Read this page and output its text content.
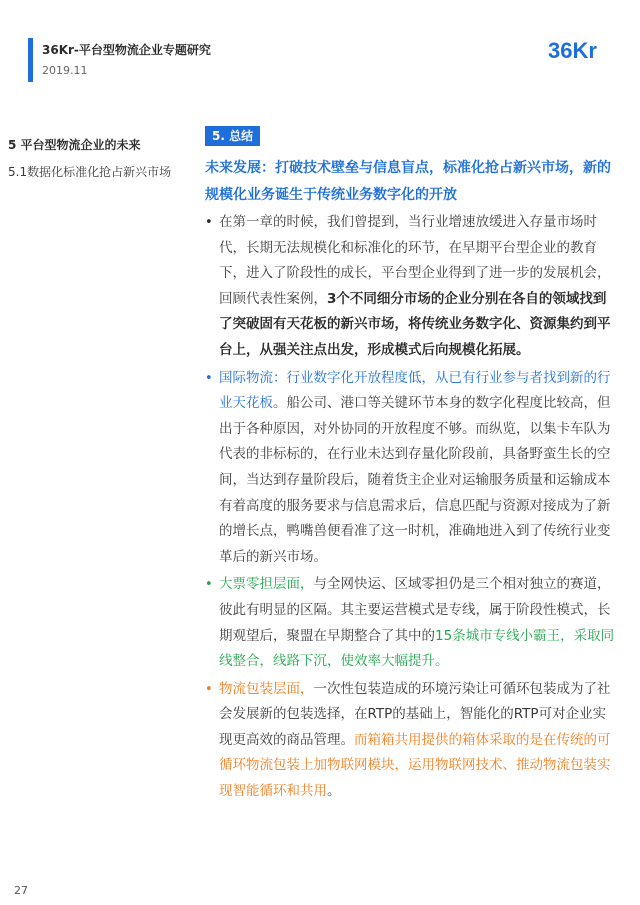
36Kr-平台型物流企业专题研究
2019.11
36Kr
5 平台型物流企业的未来
5.1数据化标准化抢占新兴市场
5. 总结
未来发展：打破技术壁垒与信息盲点，标准化抢占新兴市场，新的规模化业务诞生于传统业务数字化的开放
• 在第一章的时候，我们曾提到，当行业增速放缓进入存量市场时代，长期无法规模化和标准化的环节，在早期平台型企业的教育下，进入了阶段性的成长，平台型企业得到了进一步的发展机会，回顾代表性案例，3个不同细分市场的企业分别在各自的领域找到了突破固有天花板的新兴市场，将传统业务数字化、资源集约到平台上，从强关注点出发，形成模式后向规模化拓展。
• 国际物流：行业数字化开放程度低，从已有行业参与者找到新的行业天花板。船公司、港口等关键环节本身的数字化程度比较高，但出于各种原因，对外协同的开放程度不够。而纵览，以集卡车队为代表的非标标的，在行业未达到存量化阶段前，具备野蛮生长的空间，当达到存量阶段后，随着货主企业对运输服务质量和运输成本有着高度的服务要求与信息需求后，信息匹配与资源对接成为了新的增长点，鸭嘴兽便看准了这一时机，准确地进入到了传统行业变革后的新兴市场。
• 大票零担层面，与全网快运、区域零担仍是三个相对独立的赛道，彼此有明显的区隔。其主要运营模式是专线，属于阶段性模式，长期观望后，聚盟在早期整合了其中的15条城市专线小霸王，采取同线整合，线路下沉，使效率大幅提升。
• 物流包装层面，一次性包装造成的环境污染让可循环包装成为了社会发展新的包装选择，在RTP的基础上，智能化的RTP可对企业实现更高效的商品管理。而箱箱共用提供的箱体采取的是在传统的可循环物流包装上加物联网模块，运用物联网技术、推动物流包装实现智能循环和共用。
27
